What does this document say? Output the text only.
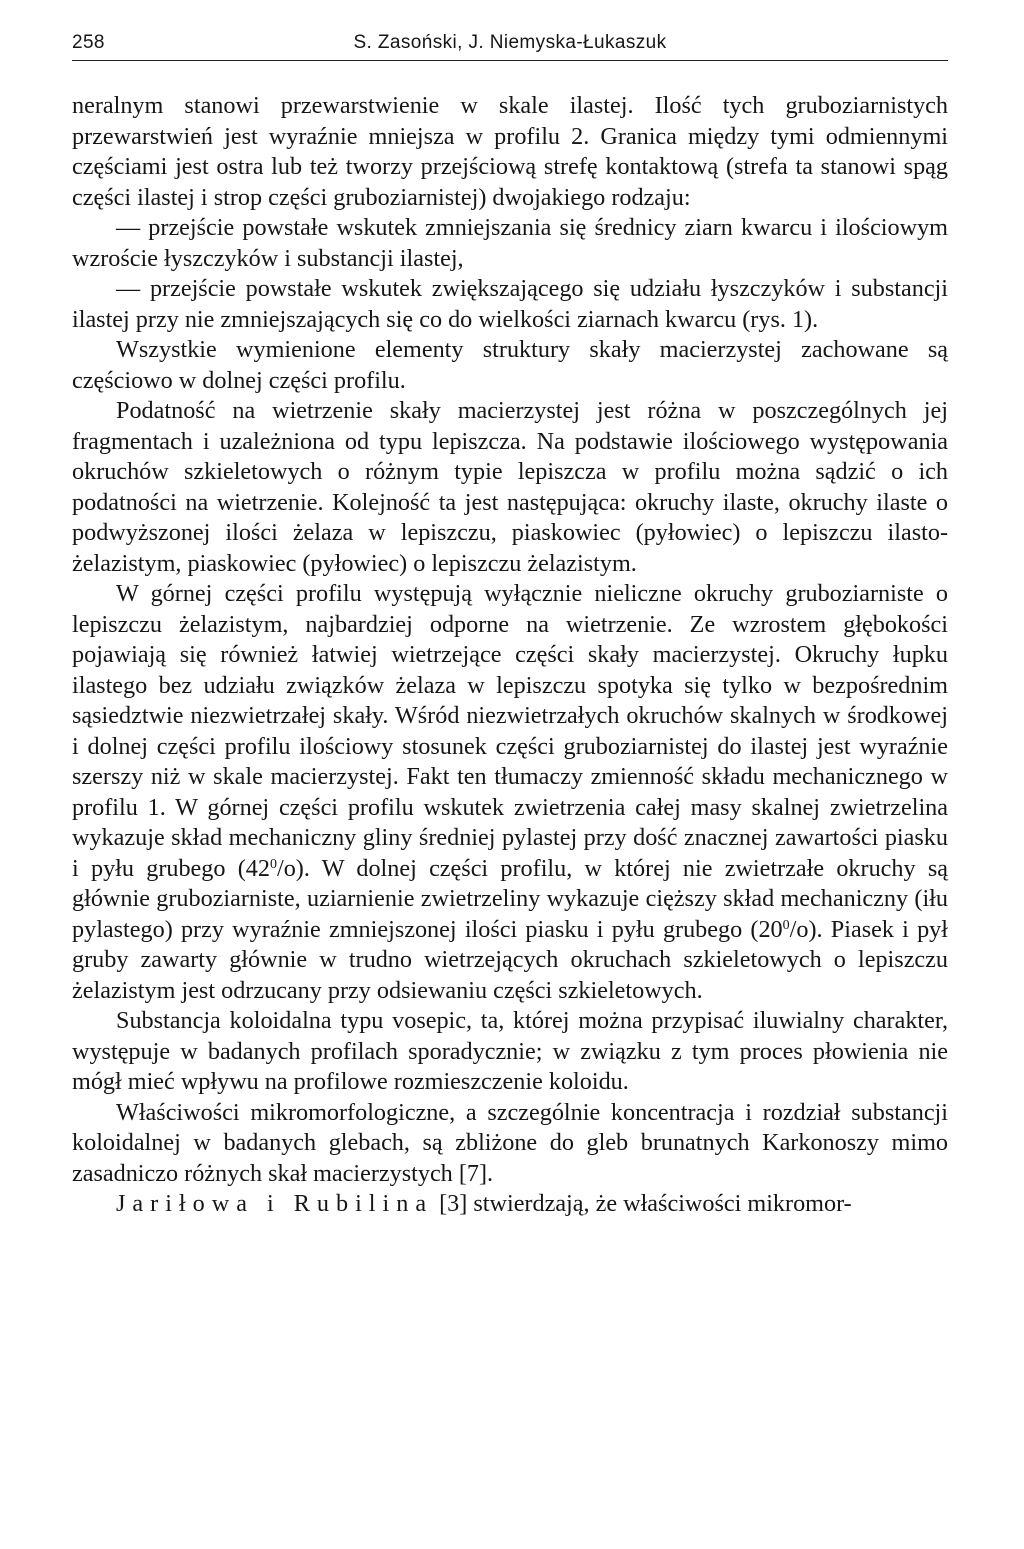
258	S. Zasoński, J. Niemyska-Łukaszuk

neralnym stanowi przewarstwienie w skale ilastej. Ilość tych gruboziarnistych przewarstwień jest wyraźnie mniejsza w profilu 2. Granica między tymi odmiennymi częściami jest ostra lub też tworzy przejściową strefę kontaktową (strefa ta stanowi spąg części ilastej i strop części gruboziarnistej) dwojakiego rodzaju:

— przejście powstałe wskutek zmniejszania się średnicy ziarn kwarcu i ilościowym wzroście łyszczyków i substancji ilastej,

— przejście powstałe wskutek zwiększającego się udziału łyszczyków i substancji ilastej przy nie zmniejszających się co do wielkości ziarnach kwarcu (rys. 1).

Wszystkie wymienione elementy struktury skały macierzystej zachowane są częściowo w dolnej części profilu.

Podatność na wietrzenie skały macierzystej jest różna w poszczególnych jej fragmentach i uzależniona od typu lepiszcza. Na podstawie ilościowego występowania okruchów szkieletowych o różnym typie lepiszcza w profilu można sądzić o ich podatności na wietrzenie. Kolejność ta jest następująca: okruchy ilaste, okruchy ilaste o podwyższonej ilości żelaza w lepiszczu, piaskowiec (pyłowiec) o lepiszczu ilasto-żelazistym, piaskowiec (pyłowiec) o lepiszczu żelazistym.

W górnej części profilu występują wyłącznie nieliczne okruchy gruboziarniste o lepiszczu żelazistym, najbardziej odporne na wietrzenie. Ze wzrostem głębokości pojawiają się również łatwiej wietrzejące części skały macierzystej. Okruchy łupku ilastego bez udziału związków żelaza w lepiszczu spotyka się tylko w bezpośrednim sąsiedztwie niezwietrzałej skały. Wśród niezwietrzałych okruchów skalnych w środkowej i dolnej części profilu ilościowy stosunek części gruboziarnistej do ilastej jest wyraźnie szerszy niż w skale macierzystej. Fakt ten tłumaczy zmienność składu mechanicznego w profilu 1. W górnej części profilu wskutek zwietrzenia całej masy skalnej zwietrzelina wykazuje skład mechaniczny gliny średniej pylastej przy dość znacznej zawartości piasku i pyłu grubego $(42^0/o)$. W dolnej części profilu, w której nie zwietrzałe okruchy są głównie gruboziarniste, uziarnienie zwietrzeliny wykazuje cięższy skład mechaniczny (iłu pylastego) przy wyraźnie zmniejszonej ilości piasku i pyłu grubego $(20^0/o)$. Piasek i pył gruby zawarty głównie w trudno wietrzejących okruchach szkieletowych o lepiszczu żelazistym jest odrzucany przy odsiewaniu części szkieletowych.

Substancja koloidalna typu vosepic, ta, której można przypisać iluwialny charakter, występuje w badanych profilach sporadycznie; w związku z tym proces płowienia nie mógł mieć wpływu na profilowe rozmieszczenie koloidu.

Właściwości mikromorfologiczne, a szczególnie koncentracja i rozdział substancji koloidalnej w badanych glebach, są zbliżone do gleb brunatnych Karkonoszy mimo zasadniczo różnych skał macierzystych [7].

Jariłowa i Rubilina [3] stwierdzają, że właściwości mikromor-
